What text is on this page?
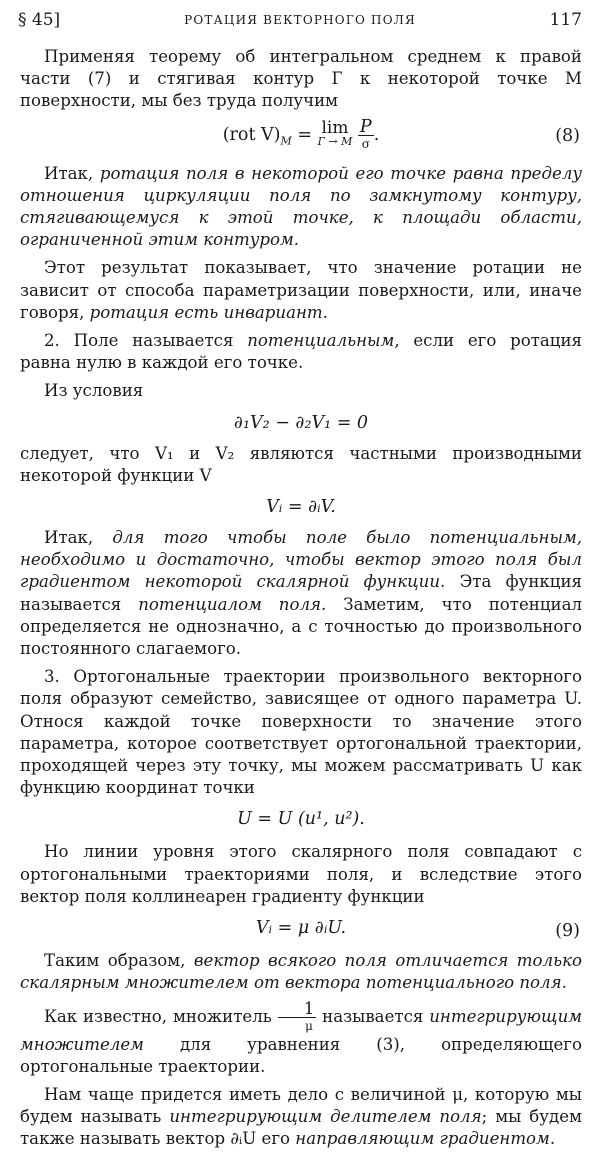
§ 45]	РОТАЦИЯ ВЕКТОРНОГО ПОЛЯ	117

Применяя теорему об интегральном среднем к правой части (7) и стягивая контур Г к некоторой точке M поверхности, мы без труда получим

(rot $V)_M = \lim$
Г → M
$\frac{P}{\sigma}$ .	(8)

Итак, ротация поля в некоторой его точке равна пределу отношения циркуляции поля по замкнутому контуру, стягивающемуся к этой точке, к площади области, ограниченной этим контуром.

Этот результат показывает, что значение ротации не зависит от способа параметризации поверхности, или, иначе говоря, ротация есть инвариант.

2. Поле называется потенциальным, если его ротация равна нулю в каждой его точке.

Из условия

∂₁V₂ − ∂₂V₁ = 0

следует, что V₁ и V₂ являются частными производными некоторой функции V

Vᵢ = ∂ᵢV.

Итак, для того чтобы поле было потенциальным, необходимо и достаточно, чтобы вектор этого поля был градиентом некоторой скалярной функции. Эта функция называется потенциалом поля. Заметим, что потенциал определяется не однозначно, а с точностью до произвольного постоянного слагаемого.

3. Ортогональные траектории произвольного векторного поля образуют семейство, зависящее от одного параметра U. Относя каждой точке поверхности то значение этого параметра, которое соответствует ортогональной траектории, проходящей через эту точку, мы можем рассматривать U как функцию координат точки

U = U (u¹, u²).

Но линии уровня этого скалярного поля совпадают с ортогональными траекториями поля, и вследствие этого вектор поля коллинеарен градиенту функции

Vᵢ = μ ∂ᵢU.	(9)

Таким образом, вектор всякого поля отличается только скалярным множителем от вектора потенциального поля.

Как известно, множитель $\frac{1}{\mu}$ называется интегрирующим множителем для уравнения (3), определяющего ортогональные траектории.

Нам чаще придется иметь дело с величиной μ, которую мы будем называть интегрирующим делителем поля; мы будем также называть вектор ∂ᵢU его направляющим градиентом.
